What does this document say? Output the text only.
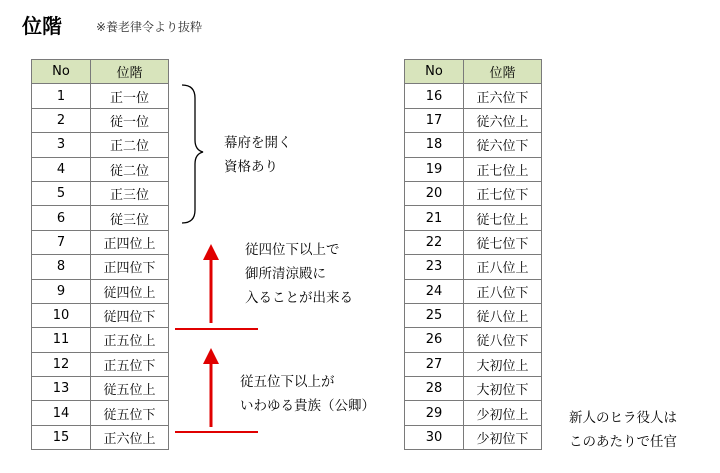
位階	※養老律令より抜粋
No	位階
1	正一位
2	従一位
3	正二位
4	従二位
5	正三位
6	従三位
7	正四位上
8	正四位下
9	従四位上
10	従四位下
11	正五位上
12	正五位下
13	従五位上
14	従五位下
15	正六位上
No	位階
16	正六位下
17	従六位上
18	従六位下
19	正七位上
20	正七位下
21	従七位上
22	従七位下
23	正八位上
24	正八位下
25	従八位上
26	従八位下
27	大初位上
28	大初位下
29	少初位上
30	少初位下
幕府を開く
資格あり
従四位下以上で
御所清涼殿に
入ることが出来る
従五位下以上が
いわゆる貴族（公卿）
新人のヒラ役人は
このあたりで任官
